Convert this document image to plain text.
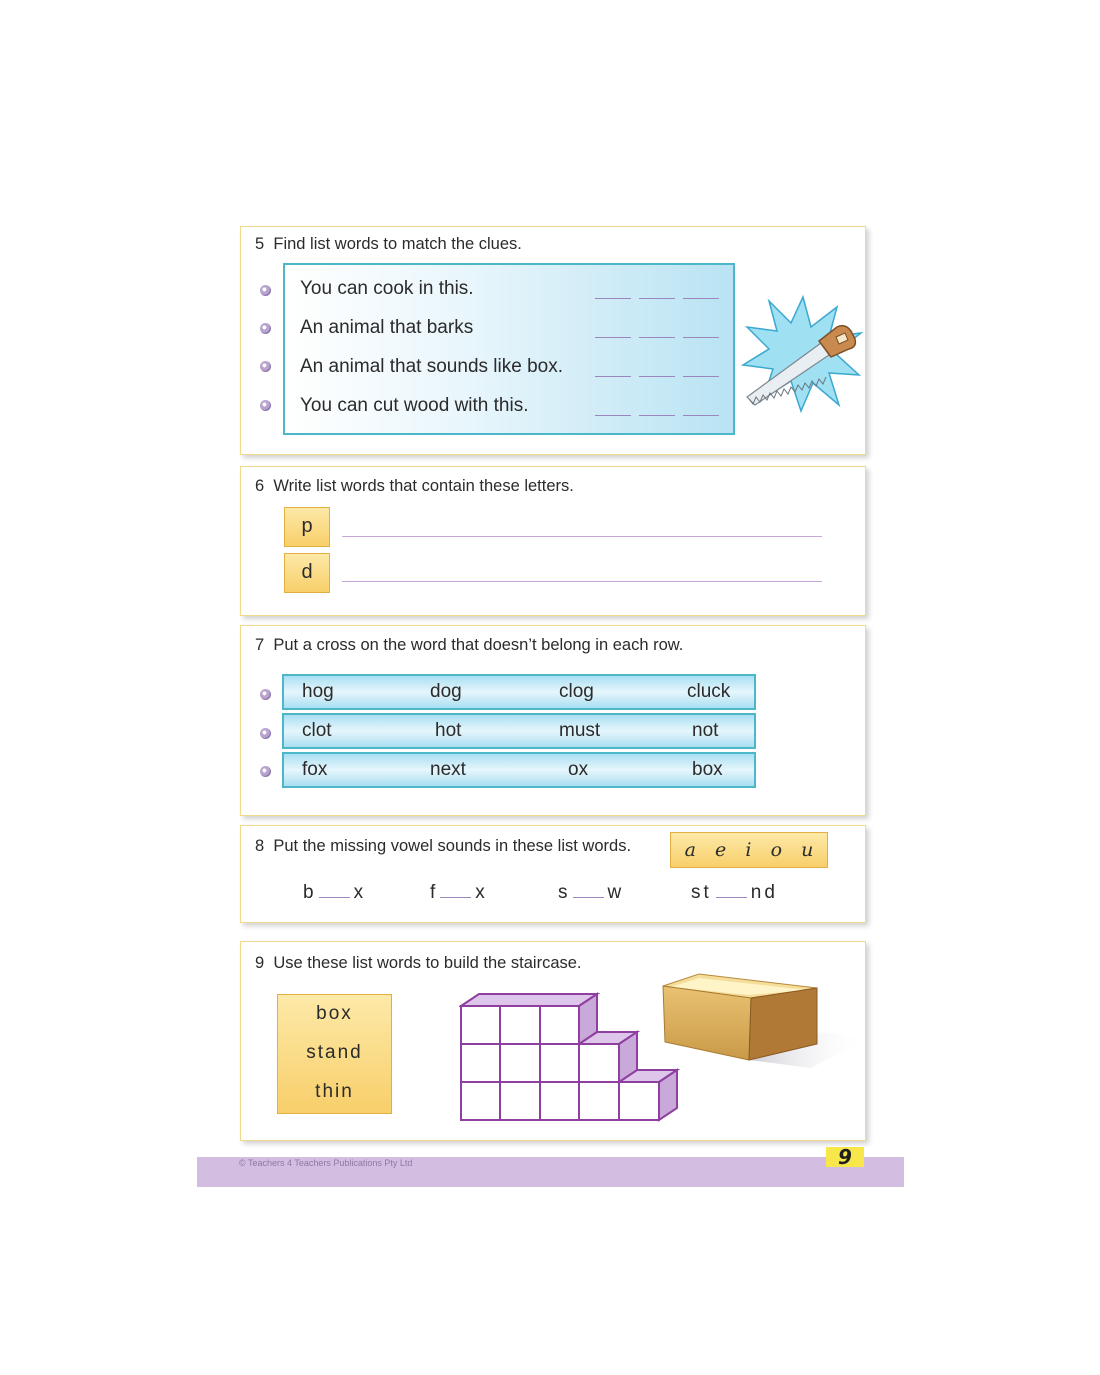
5 Find list words to match the clues.
You can cook in this.
An animal that barks
An animal that sounds like box.
You can cut wood with this.
6 Write list words that contain these letters.
p
d
7 Put a cross on the word that doesn’t belong in each row.
hog	dog	clog	cluck
clot	hot	must	not
fox	next	ox	box
8 Put the missing vowel sounds in these list words.	a e i o u
b x	f x	s w	st nd
9 Use these list words to build the staircase.
box
stand
thin
© Teachers 4 Teachers Publications Pty Ltd	9
